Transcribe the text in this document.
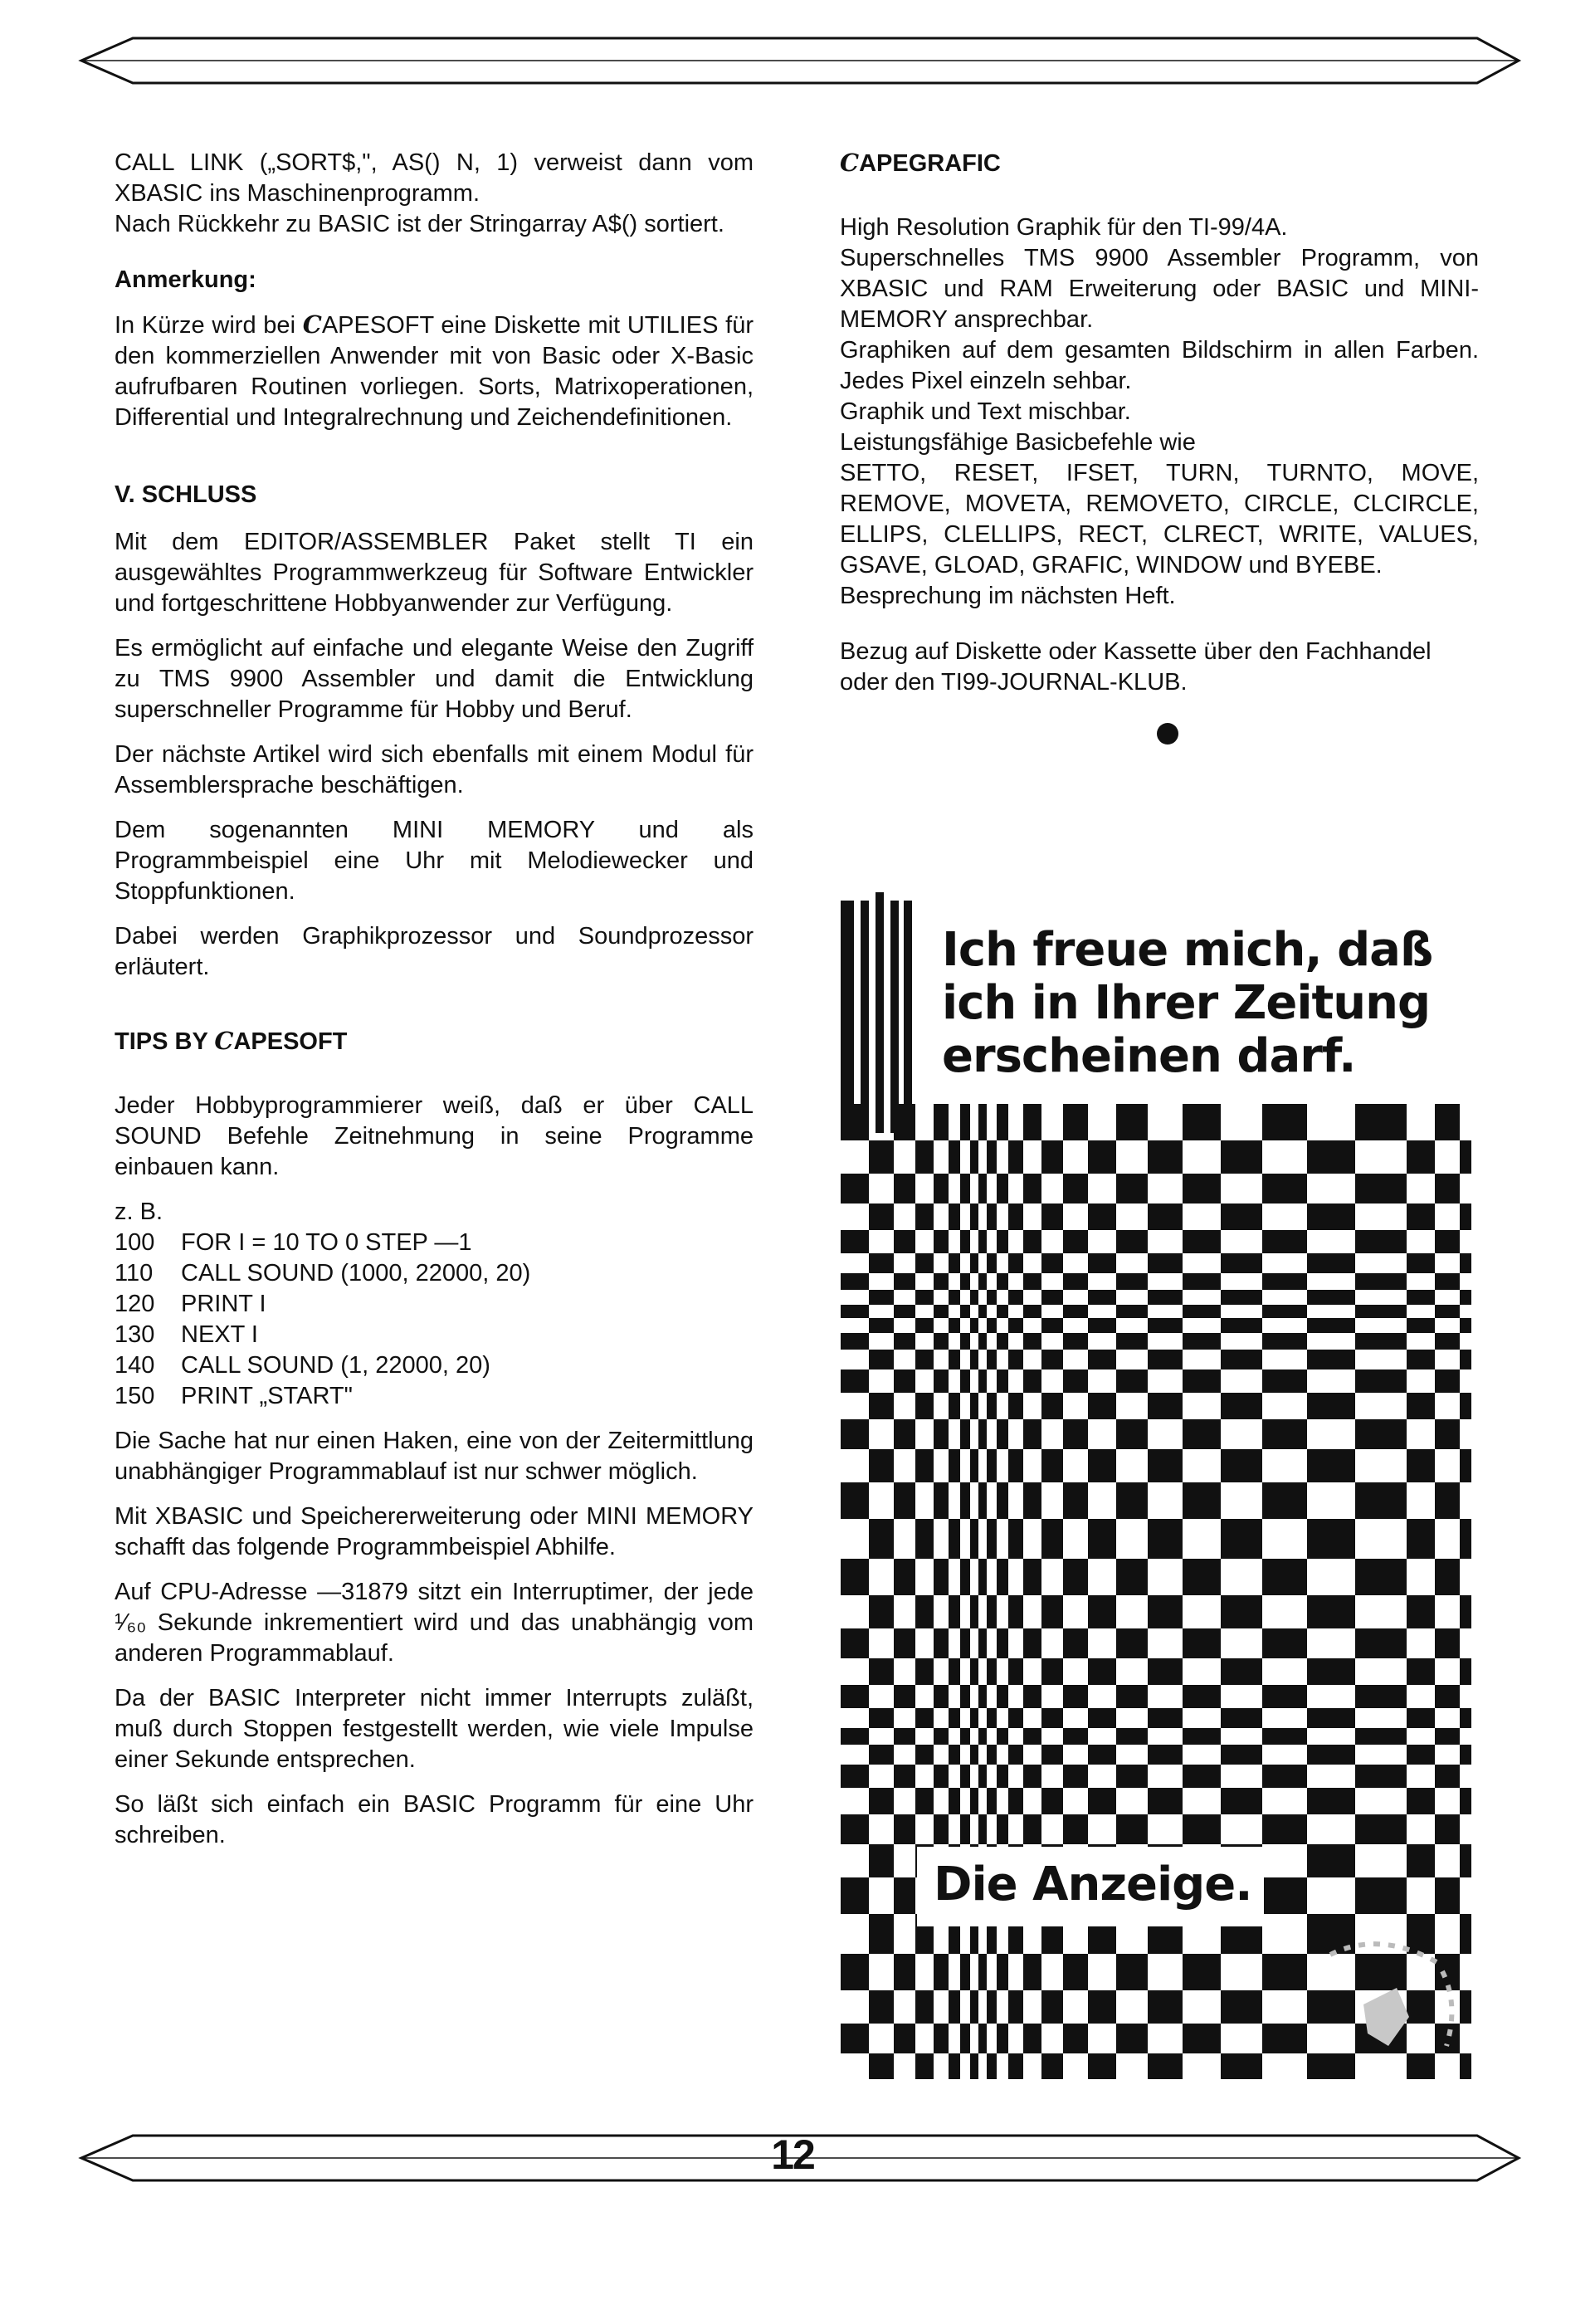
CALL LINK („SORT$,", AS() N, 1) verweist dann vom XBASIC ins Maschinenprogramm.

Nach Rückkehr zu BASIC ist der Stringarray A$() sortiert.

Anmerkung:

In Kürze wird bei CAPESOFT eine Diskette mit UTILIES für den kommerziellen Anwender mit von Basic oder X-Basic aufrufbaren Routinen vorliegen. Sorts, Matrixoperationen, Differential und Integralrechnung und Zeichendefinitionen.

V. SCHLUSS

Mit dem EDITOR/ASSEMBLER Paket stellt TI ein ausgewähltes Programmwerkzeug für Software Entwickler und fortgeschrittene Hobbyanwender zur Verfügung.

Es ermöglicht auf einfache und elegante Weise den Zugriff zu TMS 9900 Assembler und damit die Entwicklung superschneller Programme für Hobby und Beruf.

Der nächste Artikel wird sich ebenfalls mit einem Modul für Assemblersprache beschäftigen.

Dem sogenannten MINI MEMORY und als Programmbeispiel eine Uhr mit Melodiewecker und Stoppfunktionen.

Dabei werden Graphikprozessor und Soundprozessor erläutert.

TIPS BY CAPESOFT

Jeder Hobbyprogrammierer weiß, daß er über CALL SOUND Befehle Zeitnehmung in seine Programme einbauen kann.

z. B.
100	FOR I = 10 TO 0 STEP —1
110	CALL SOUND (1000, 22000, 20)
120	PRINT I
130	NEXT I
140	CALL SOUND (1, 22000, 20)
150	PRINT „START"

Die Sache hat nur einen Haken, eine von der Zeitermittlung unabhängiger Programmablauf ist nur schwer möglich.

Mit XBASIC und Speichererweiterung oder MINI MEMORY schafft das folgende Programmbeispiel Abhilfe.

Auf CPU-Adresse —31879 sitzt ein Interruptimer, der jede ¹⁄₆₀ Sekunde inkrementiert wird und das unabhängig vom anderen Programmablauf.

Da der BASIC Interpreter nicht immer Interrupts zuläßt, muß durch Stoppen festgestellt werden, wie viele Impulse einer Sekunde entsprechen.

So läßt sich einfach ein BASIC Programm für eine Uhr schreiben.

CAPEGRAFIC

High Resolution Graphik für den TI-99/4A.

Superschnelles TMS 9900 Assembler Programm, von XBASIC und RAM Erweiterung oder BASIC und MINI-MEMORY ansprechbar.

Graphiken auf dem gesamten Bildschirm in allen Farben. Jedes Pixel einzeln sehbar.

Graphik und Text mischbar.

Leistungsfähige Basicbefehle wie

SETTO, RESET, IFSET, TURN, TURNTO, MOVE, REMOVE, MOVETA, REMOVETO, CIRCLE, CLCIRCLE, ELLIPS, CLELLIPS, RECT, CLRECT, WRITE, VALUES, GSAVE, GLOAD, GRAFIC, WINDOW und BYEBE.

Besprechung im nächsten Heft.

Bezug auf Diskette oder Kassette über den Fachhandel oder den TI99-JOURNAL-KLUB.

Ich freue mich, daß
ich in Ihrer Zeitung
erscheinen darf.
Die Anzeige.
12
